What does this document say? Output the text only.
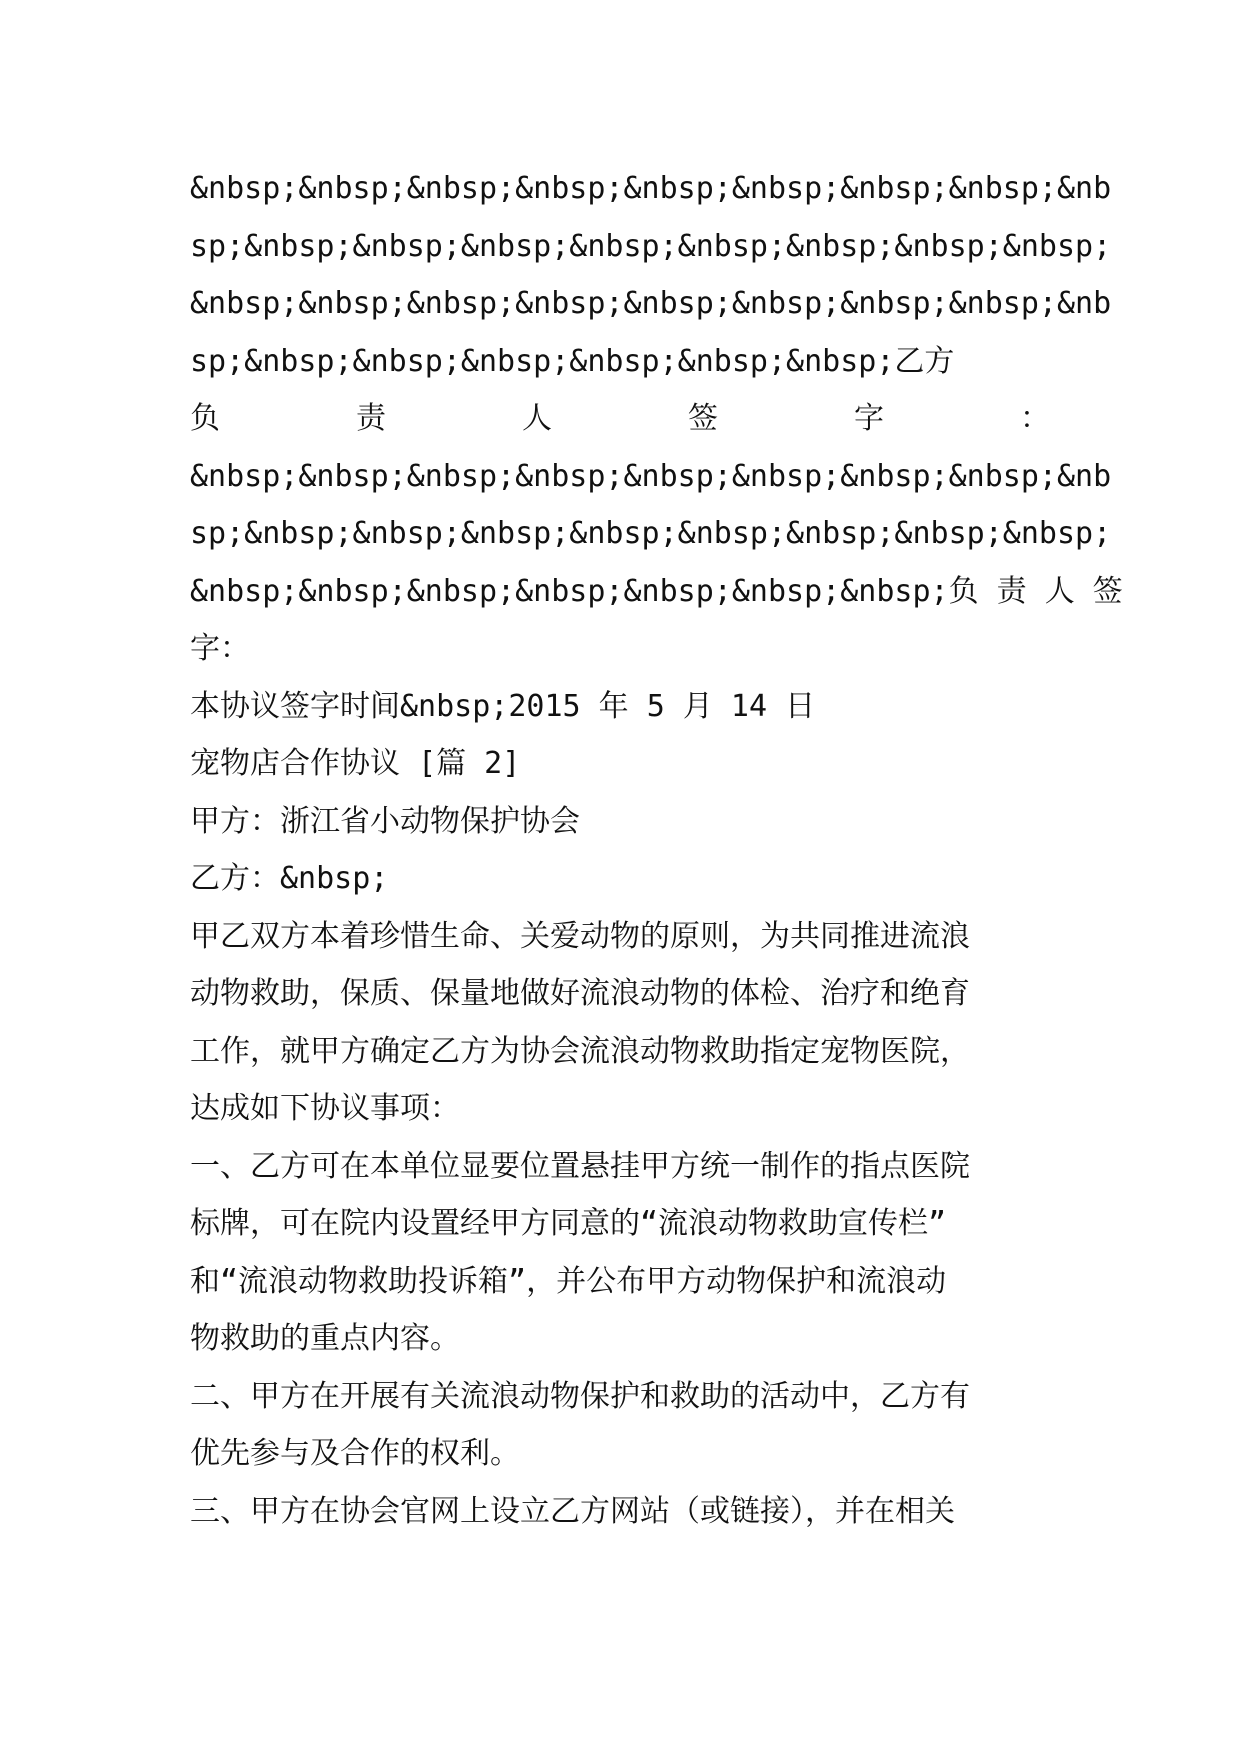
&nbsp;&nbsp;&nbsp;&nbsp;&nbsp;&nbsp;&nbsp;&nbsp;&nb
sp;&nbsp;&nbsp;&nbsp;&nbsp;&nbsp;&nbsp;&nbsp;&nbsp;
&nbsp;&nbsp;&nbsp;&nbsp;&nbsp;&nbsp;&nbsp;&nbsp;&nb
sp;&nbsp;&nbsp;&nbsp;&nbsp;&nbsp;&nbsp;乙方
负	责	人	签	字	：
&nbsp;&nbsp;&nbsp;&nbsp;&nbsp;&nbsp;&nbsp;&nbsp;&nb
sp;&nbsp;&nbsp;&nbsp;&nbsp;&nbsp;&nbsp;&nbsp;&nbsp;
&nbsp;&nbsp;&nbsp;&nbsp;&nbsp;&nbsp;&nbsp;负 责 人 签
字：
本协议签字时间&nbsp;2015 年 5 月 14 日
宠物店合作协议 [篇 2]
甲方：浙江省小动物保护协会
乙方：&nbsp;
甲乙双方本着珍惜生命、关爱动物的原则，为共同推进流浪
动物救助，保质、保量地做好流浪动物的体检、治疗和绝育
工作，就甲方确定乙方为协会流浪动物救助指定宠物医院，
达成如下协议事项：
一、乙方可在本单位显要位置悬挂甲方统一制作的指点医院
标牌，可在院内设置经甲方同意的“流浪动物救助宣传栏”
和“流浪动物救助投诉箱”，并公布甲方动物保护和流浪动
物救助的重点内容。
二、甲方在开展有关流浪动物保护和救助的活动中，乙方有
优先参与及合作的权利。
三、甲方在协会官网上设立乙方网站（或链接），并在相关
